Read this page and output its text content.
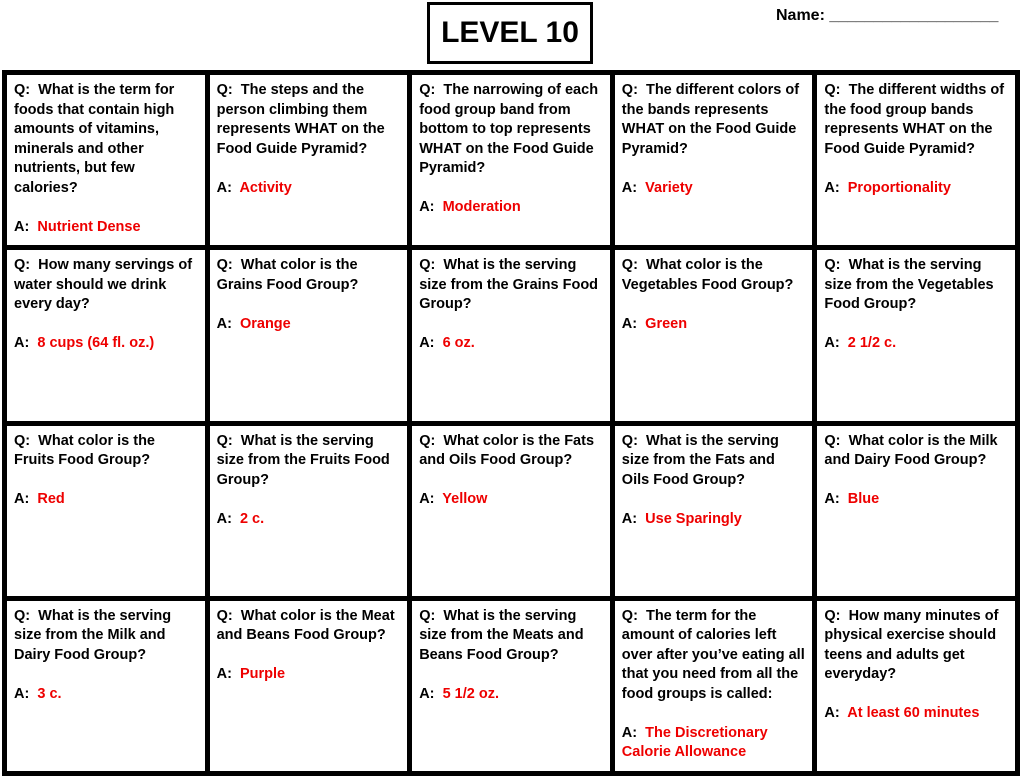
LEVEL 10
Name: ___________________

Q: What is the term for foods that contain high amounts of vitamins, minerals and other nutrients, but few calories?

A: Nutrient Dense

Q: The steps and the person climbing them represents WHAT on the Food Guide Pyramid?

A: Activity

Q: The narrowing of each food group band from bottom to top represents WHAT on the Food Guide Pyramid?

A: Moderation

Q: The different colors of the bands represents WHAT on the Food Guide Pyramid?

A: Variety

Q: The different widths of the food group bands represents WHAT on the Food Guide Pyramid?

A: Proportionality

Q: How many servings of water should we drink every day?

A: 8 cups (64 fl. oz.)

Q: What color is the Grains Food Group?

A: Orange

Q: What is the serving size from the Grains Food Group?

A: 6 oz.

Q: What color is the Vegetables Food Group?

A: Green

Q: What is the serving size from the Vegetables Food Group?

A: 2 1/2 c.

Q: What color is the Fruits Food Group?

A: Red

Q: What is the serving size from the Fruits Food Group?

A: 2 c.

Q: What color is the Fats and Oils Food Group?

A: Yellow

Q: What is the serving size from the Fats and Oils Food Group?

A: Use Sparingly

Q: What color is the Milk and Dairy Food Group?

A: Blue

Q: What is the serving size from the Milk and Dairy Food Group?

A: 3 c.

Q: What color is the Meat and Beans Food Group?

A: Purple

Q: What is the serving size from the Meats and Beans Food Group?

A: 5 1/2 oz.

Q: The term for the amount of calories left over after you’ve eating all that you need from all the food groups is called:

A: The Discretionary Calorie Allowance

Q: How many minutes of physical exercise should teens and adults get everyday?

A: At least 60 minutes
